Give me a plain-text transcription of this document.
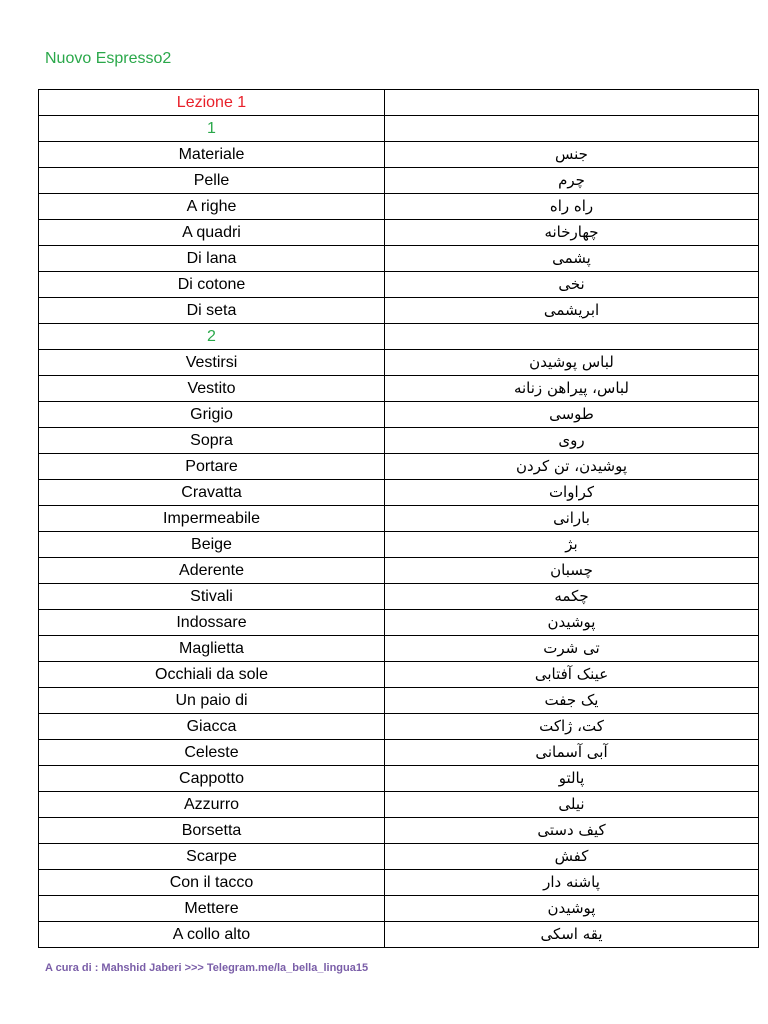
Nuovo Espresso2
Lezione 1	
1	
Materiale	جنس
Pelle	چرم
A righe	راه راه
A quadri	چهارخانه
Di lana	پشمی
Di cotone	نخی
Di seta	ابریشمی
2	
Vestirsi	لباس پوشیدن
Vestito	لباس، پیراهن زنانه
Grigio	طوسی
Sopra	روی
Portare	پوشیدن، تن کردن
Cravatta	کراوات
Impermeabile	بارانی
Beige	بژ
Aderente	چسبان
Stivali	چکمه
Indossare	پوشیدن
Maglietta	تی شرت
Occhiali da sole	عینک آفتابی
Un paio di	یک جفت
Giacca	کت، ژاکت
Celeste	آبی آسمانی
Cappotto	پالتو
Azzurro	نیلی
Borsetta	کیف دستی
Scarpe	کفش
Con il tacco	پاشنه دار
Mettere	پوشیدن
A collo alto	یقه اسکی
A cura di : Mahshid Jaberi >>> Telegram.me/la_bella_lingua15
